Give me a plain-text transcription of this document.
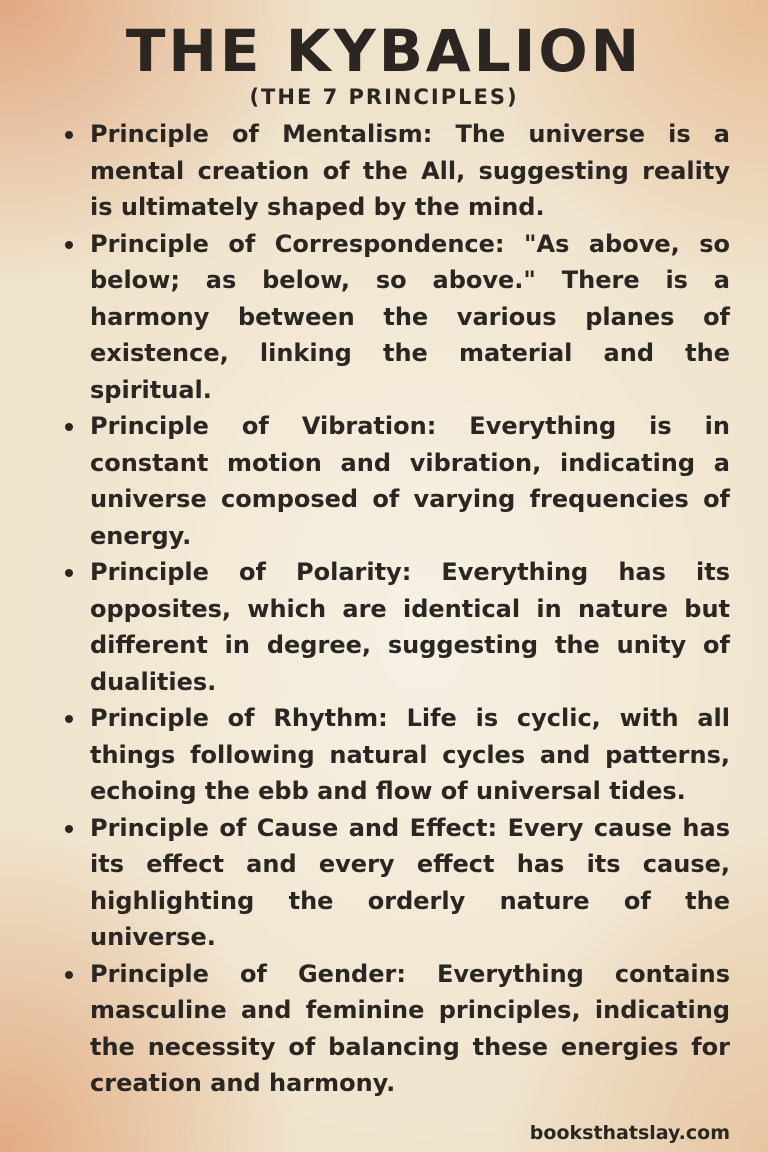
THE KYBALION
(THE 7 PRINCIPLES)
Principle of Mentalism: The universe is a mental creation of the All, suggesting reality is ultimately shaped by the mind.
Principle of Correspondence: "As above, so below; as below, so above." There is a harmony between the various planes of existence, linking the material and the spiritual.
Principle of Vibration: Everything is in constant motion and vibration, indicating a universe composed of varying frequencies of energy.
Principle of Polarity: Everything has its opposites, which are identical in nature but different in degree, suggesting the unity of dualities.
Principle of Rhythm: Life is cyclic, with all things following natural cycles and patterns, echoing the ebb and flow of universal tides.
Principle of Cause and Effect: Every cause has its effect and every effect has its cause, highlighting the orderly nature of the universe.
Principle of Gender: Everything contains masculine and feminine principles, indicating the necessity of balancing these energies for creation and harmony.
booksthatslay.com
